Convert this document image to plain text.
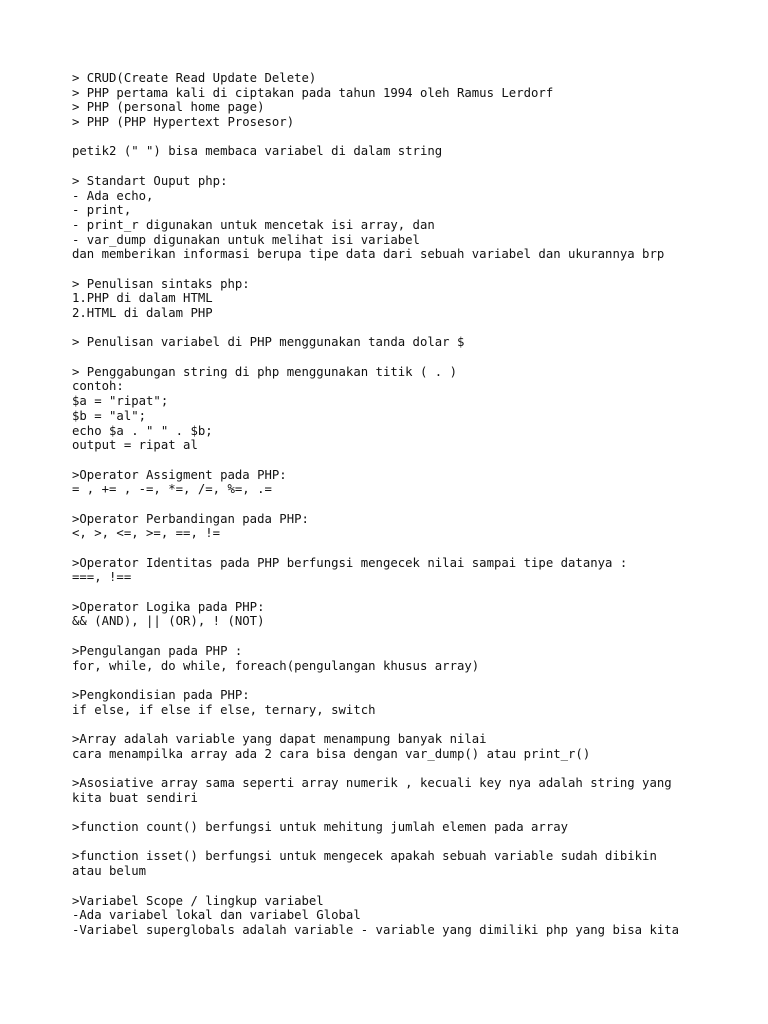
> CRUD(Create Read Update Delete)
> PHP pertama kali di ciptakan pada tahun 1994 oleh Ramus Lerdorf
> PHP (personal home page)
> PHP (PHP Hypertext Prosesor)
petik2 (" ") bisa membaca variabel di dalam string
> Standart Ouput php:
- Ada echo,
- print,
- print_r digunakan untuk mencetak isi array, dan
- var_dump digunakan untuk melihat isi variabel
dan memberikan informasi berupa tipe data dari sebuah variabel dan ukurannya brp
> Penulisan sintaks php:
1.PHP di dalam HTML
2.HTML di dalam PHP
> Penulisan variabel di PHP menggunakan tanda dolar $
> Penggabungan string di php menggunakan titik ( . )
contoh:
$a = "ripat";
$b = "al";
echo $a . " " . $b;
output = ripat al
>Operator Assigment pada PHP:
= , += , -=, *=, /=, %=, .=
>Operator Perbandingan pada PHP:
<, >, <=, >=, ==, !=
>Operator Identitas pada PHP berfungsi mengecek nilai sampai tipe datanya :
===, !==
>Operator Logika pada PHP:
&& (AND), || (OR), ! (NOT)
>Pengulangan pada PHP :
for, while, do while, foreach(pengulangan khusus array)
>Pengkondisian pada PHP:
if else, if else if else, ternary, switch
>Array adalah variable yang dapat menampung banyak nilai
cara menampilka array ada 2 cara bisa dengan var_dump() atau print_r()
>Asosiative array sama seperti array numerik , kecuali key nya adalah string yang
kita buat sendiri
>function count() berfungsi untuk mehitung jumlah elemen pada array
>function isset() berfungsi untuk mengecek apakah sebuah variable sudah dibikin
atau belum
>Variabel Scope / lingkup variabel
-Ada variabel lokal dan variabel Global
-Variabel superglobals adalah variable - variable yang dimiliki php yang bisa kita
